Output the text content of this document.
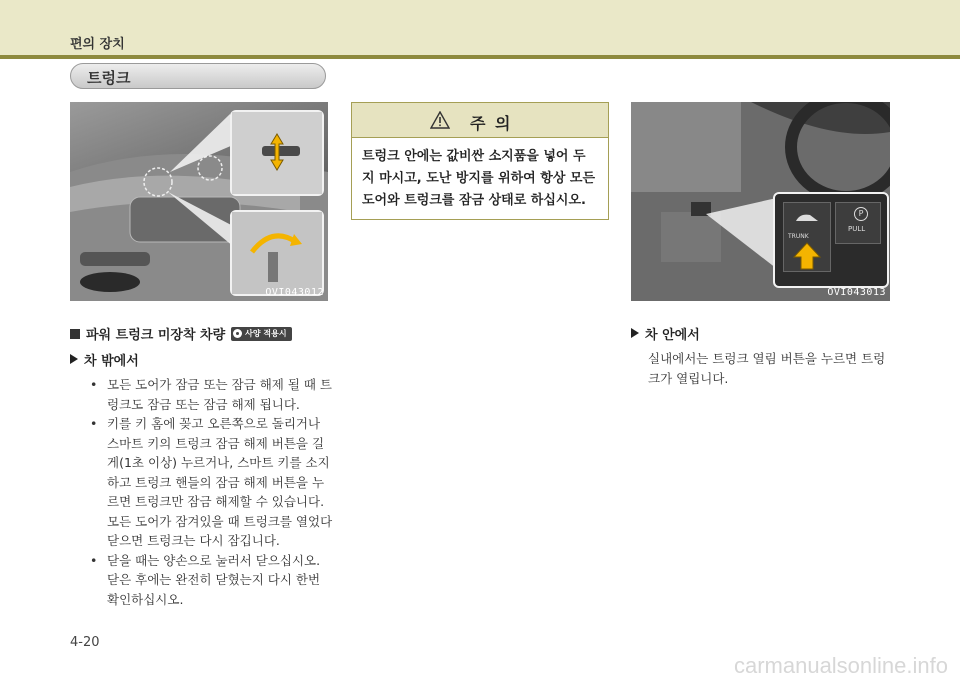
편의 장치
트렁크
OVI043012
주 의
트렁크 안에는 값비싼 소지품을 넣어 두지 마시고, 도난 방지를 위하여 항상 모든 도어와 트렁크를 잠금 상태로 하십시오.
TRUNK
P
PULL
OVI043013
파워 트렁크 미장착 차량	사양 적용시
차 밖에서
• 모든 도어가 잠금 또는 잠금 해제 될 때 트렁크도 잠금 또는 잠금 해제 됩니다.
• 키를 키 홈에 꽂고 오른쪽으로 돌리거나 스마트 키의 트렁크 잠금 해제 버튼을 길게(1초 이상) 누르거나, 스마트 키를 소지하고 트렁크 핸들의 잠금 해제 버튼을 누르면 트렁크만 잠금 해제할 수 있습니다. 모든 도어가 잠겨있을 때 트렁크를 열었다 닫으면 트렁크는 다시 잠깁니다.
• 닫을 때는 양손으로 눌러서 닫으십시오. 닫은 후에는 완전히 닫혔는지 다시 한번 확인하십시오.
차 안에서
실내에서는 트렁크 열림 버튼을 누르면 트렁크가 열립니다.
4-20
carmanualsonline.info
